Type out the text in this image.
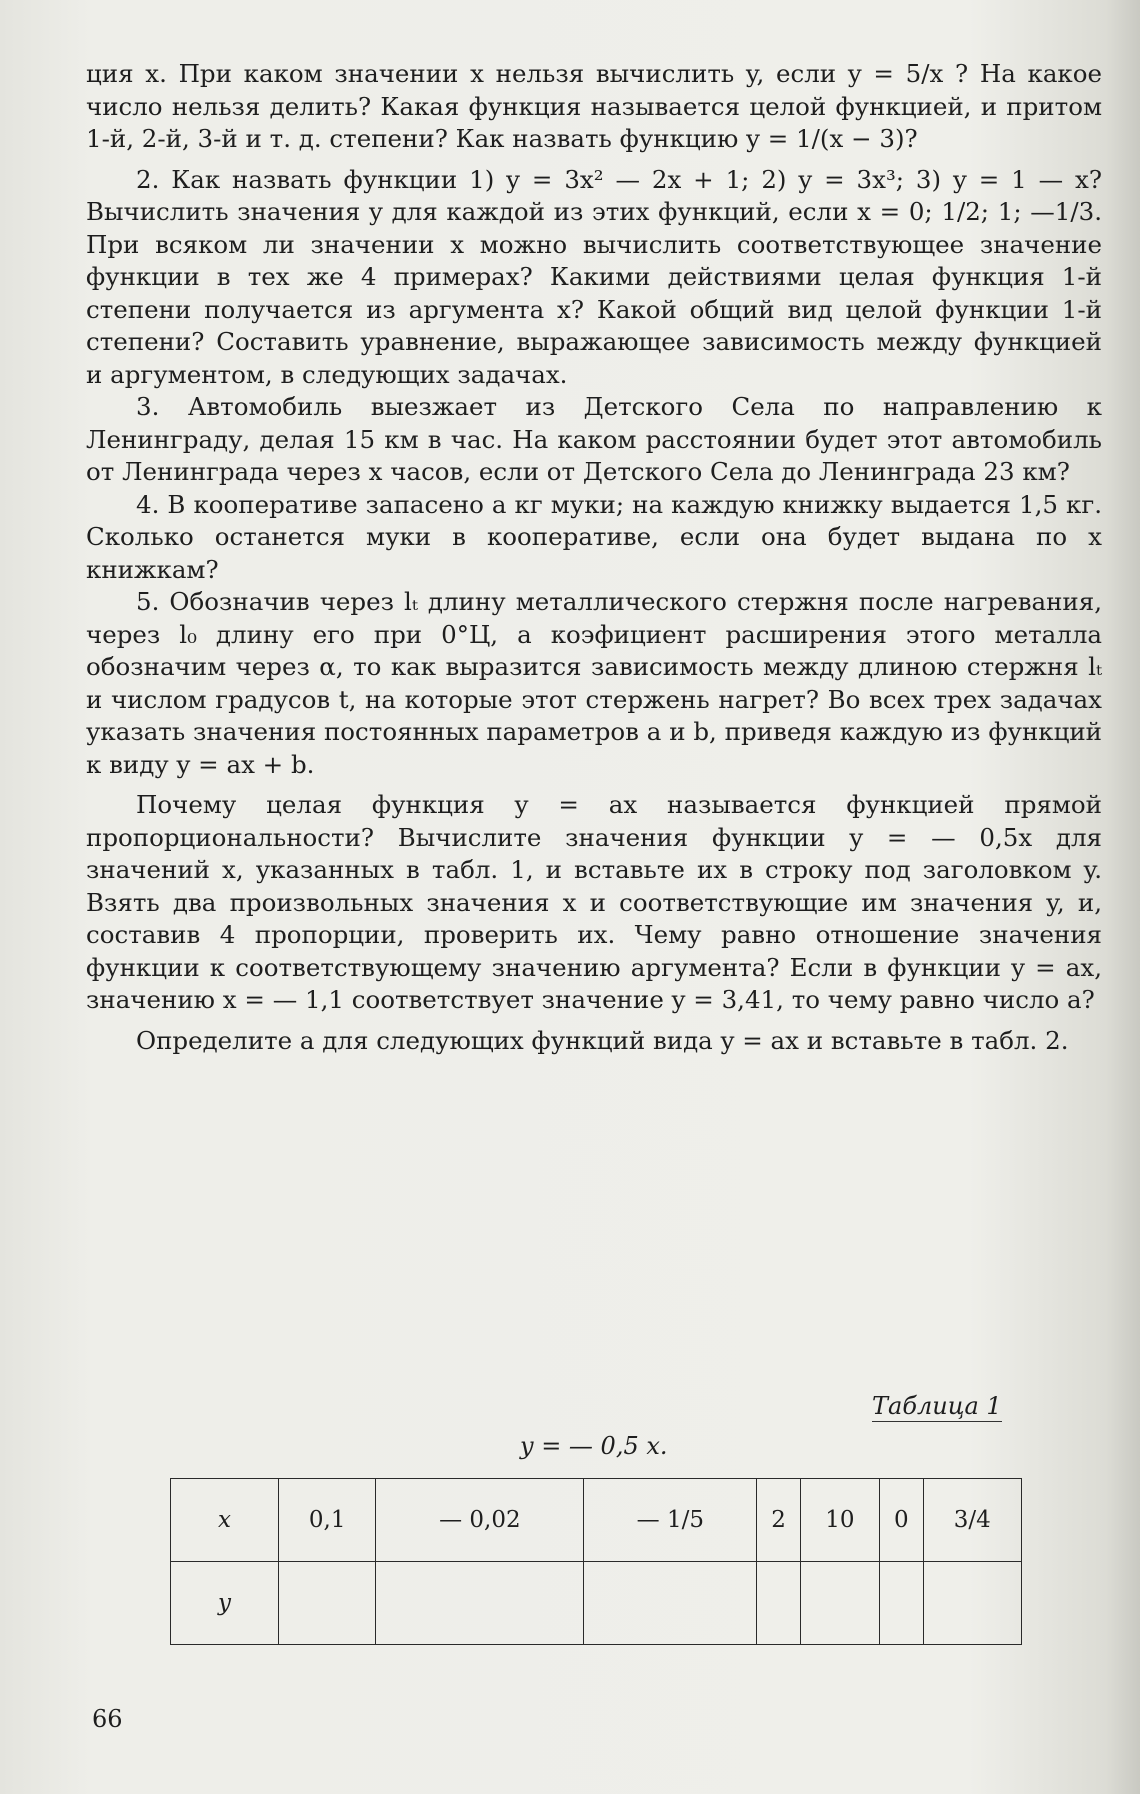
ция x. При каком значении x нельзя вычислить y, если y = 5/x ? На какое число нельзя делить? Какая функция называется целой функцией, и притом 1-й, 2-й, 3-й и т. д. степени? Как назвать функцию y = 1/(x − 3)?

2. Как назвать функции 1) y = 3x² — 2x + 1; 2) y = 3x³; 3) y = 1 — x? Вычислить значения y для каждой из этих функций, если x = 0; 1/2; 1; —1/3. При всяком ли значении x можно вычислить соответствующее значение функции в тех же 4 примерах? Какими действиями целая функция 1-й степени получается из аргумента x? Какой общий вид целой функции 1-й степени? Составить уравнение, выражающее зависимость между функцией и аргументом, в следующих задачах.

3. Автомобиль выезжает из Детского Села по направлению к Ленинграду, делая 15 км в час. На каком расстоянии будет этот автомобиль от Ленинграда через x часов, если от Детского Села до Ленинграда 23 км?

4. В кооперативе запасено a кг муки; на каждую книжку выдается 1,5 кг. Сколько останется муки в кооперативе, если она будет выдана по x книжкам?

5. Обозначив через lₜ длину металлического стержня после нагревания, через l₀ длину его при 0°Ц, а коэфициент расширения этого металла обозначим через α, то как выразится зависимость между длиною стержня lₜ и числом градусов t, на которые этот стержень нагрет? Во всех трех задачах указать значения постоянных параметров a и b, приведя каждую из функций к виду y = ax + b.

Почему целая функция y = ax называется функцией прямой пропорциональности? Вычислите значения функции y = — 0,5x для значений x, указанных в табл. 1, и вставьте их в строку под заголовком y. Взять два произвольных значения x и соответствующие им значения y, и, составив 4 пропорции, проверить их. Чему равно отношение значения функции к соответствующему значению аргумента? Если в функции y = ax, значению x = — 1,1 соответствует значение y = 3,41, то чему равно число a?

Определите a для следующих функций вида y = ax и вставьте в табл. 2.

Таблица 1
y = — 0,5 x.
x	0,1	— 0,02	— 1/5	2	10	0	3/4
y							
66
